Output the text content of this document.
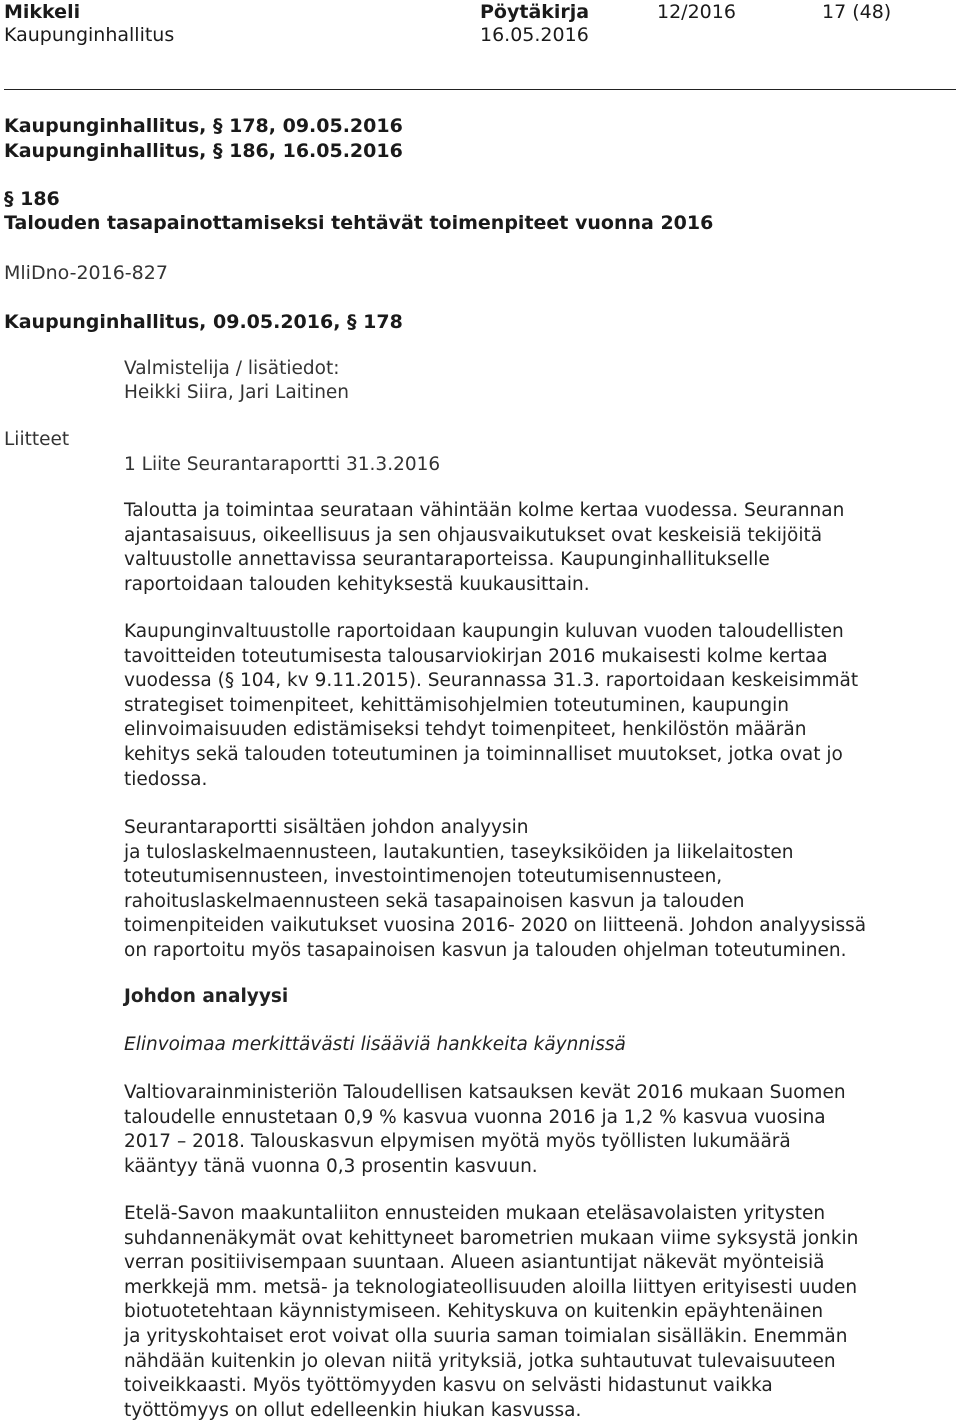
Mikkeli
Kaupunginhallitus
Pöytäkirja
16.05.2016
12/2016	17 (48)
Kaupunginhallitus, § 178, 09.05.2016
Kaupunginhallitus, § 186, 16.05.2016
§ 186
Talouden tasapainottamiseksi tehtävät toimenpiteet vuonna 2016
MliDno-2016-827
Kaupunginhallitus, 09.05.2016, § 178
Valmistelija / lisätiedot:
Heikki Siira, Jari Laitinen
Liitteet
1 Liite Seurantaraportti 31.3.2016
Taloutta ja toimintaa seurataan vähintään kolme kertaa vuodessa. Seurannan
ajantasaisuus, oikeellisuus ja sen ohjausvaikutukset ovat keskeisiä tekijöitä
valtuustolle annettavissa seurantaraporteissa. Kaupunginhallitukselle
raportoidaan talouden kehityksestä kuukausittain.
Kaupunginvaltuustolle raportoidaan kaupungin kuluvan vuoden taloudellisten
tavoitteiden toteutumisesta talousarviokirjan 2016 mukaisesti kolme kertaa
vuodessa (§ 104, kv 9.11.2015). Seurannassa 31.3. raportoidaan keskeisimmät
strategiset toimenpiteet, kehittämisohjelmien toteutuminen, kaupungin
elinvoimaisuuden edistämiseksi tehdyt toimenpiteet, henkilöstön määrän
kehitys sekä talouden toteutuminen ja toiminnalliset muutokset, jotka ovat jo
tiedossa.
Seurantaraportti sisältäen johdon analyysin
ja tuloslaskelmaennusteen, lautakuntien, taseyksiköiden ja liikelaitosten
toteutumisennusteen, investointimenojen toteutumisennusteen,
rahoituslaskelmaennusteen sekä tasapainoisen kasvun ja talouden
toimenpiteiden vaikutukset vuosina 2016- 2020 on liitteenä. Johdon analyysissä
on raportoitu myös tasapainoisen kasvun ja talouden ohjelman toteutuminen.
Johdon analyysi
Elinvoimaa merkittävästi lisääviä hankkeita käynnissä
Valtiovarainministeriön Taloudellisen katsauksen kevät 2016 mukaan Suomen
taloudelle ennustetaan 0,9 % kasvua vuonna 2016 ja 1,2 % kasvua vuosina
2017 – 2018. Talouskasvun elpymisen myötä myös työllisten lukumäärä
kääntyy tänä vuonna 0,3 prosentin kasvuun.
Etelä-Savon maakuntaliiton ennusteiden mukaan eteläsavolaisten yritysten
suhdannenäkymät ovat kehittyneet barometrien mukaan viime syksystä jonkin
verran positiivisempaan suuntaan. Alueen asiantuntijat näkevät myönteisiä
merkkejä mm. metsä- ja teknologiateollisuuden aloilla liittyen erityisesti uuden
biotuotetehtaan käynnistymiseen. Kehityskuva on kuitenkin epäyhtenäinen
ja yrityskohtaiset erot voivat olla suuria saman toimialan sisälläkin. Enemmän
nähdään kuitenkin jo olevan niitä yrityksiä, jotka suhtautuvat tulevaisuuteen
toiveikkaasti. Myös työttömyyden kasvu on selvästi hidastunut vaikka
työttömyys on ollut edelleenkin hiukan kasvussa.
